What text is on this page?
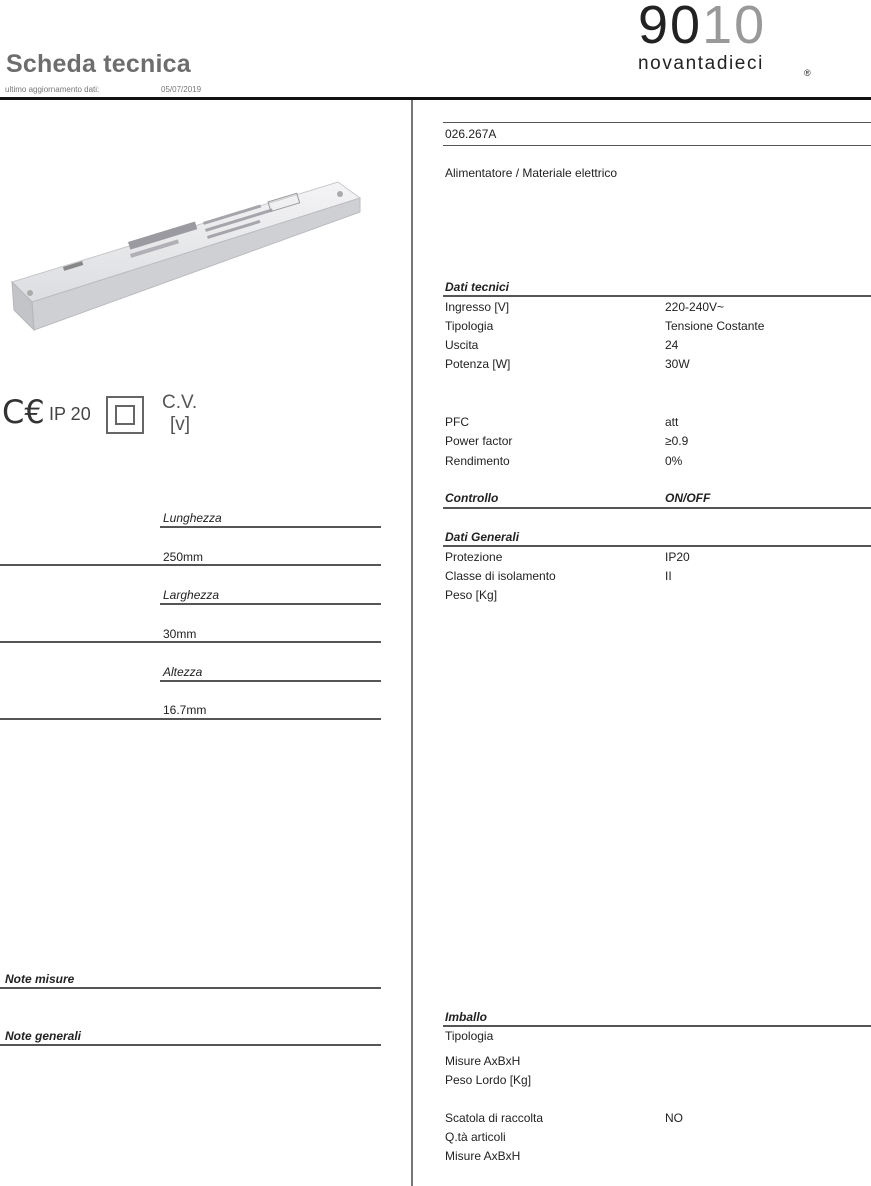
Scheda tecnica
ultimo aggiornamento dati:	05/07/2019
9010
novantadieci	®
C€ IP 20
C.V.
[v]
Lunghezza
250mm
Larghezza
30mm
Altezza
16.7mm
Note misure
Note generali
026.267A
Alimentatore / Materiale elettrico
Dati tecnici
Ingresso [V]	220-240V~
Tipologia	Tensione Costante
Uscita	24
Potenza [W]	30W
PFC	att
Power factor	≥0.9
Rendimento	0%
Controllo	ON/OFF
Dati Generali
Protezione	IP20
Classe di isolamento	II
Peso [Kg]
Imballo
Tipologia
Misure AxBxH
Peso Lordo [Kg]
Scatola di raccolta	NO
Q.tà articoli
Misure AxBxH
